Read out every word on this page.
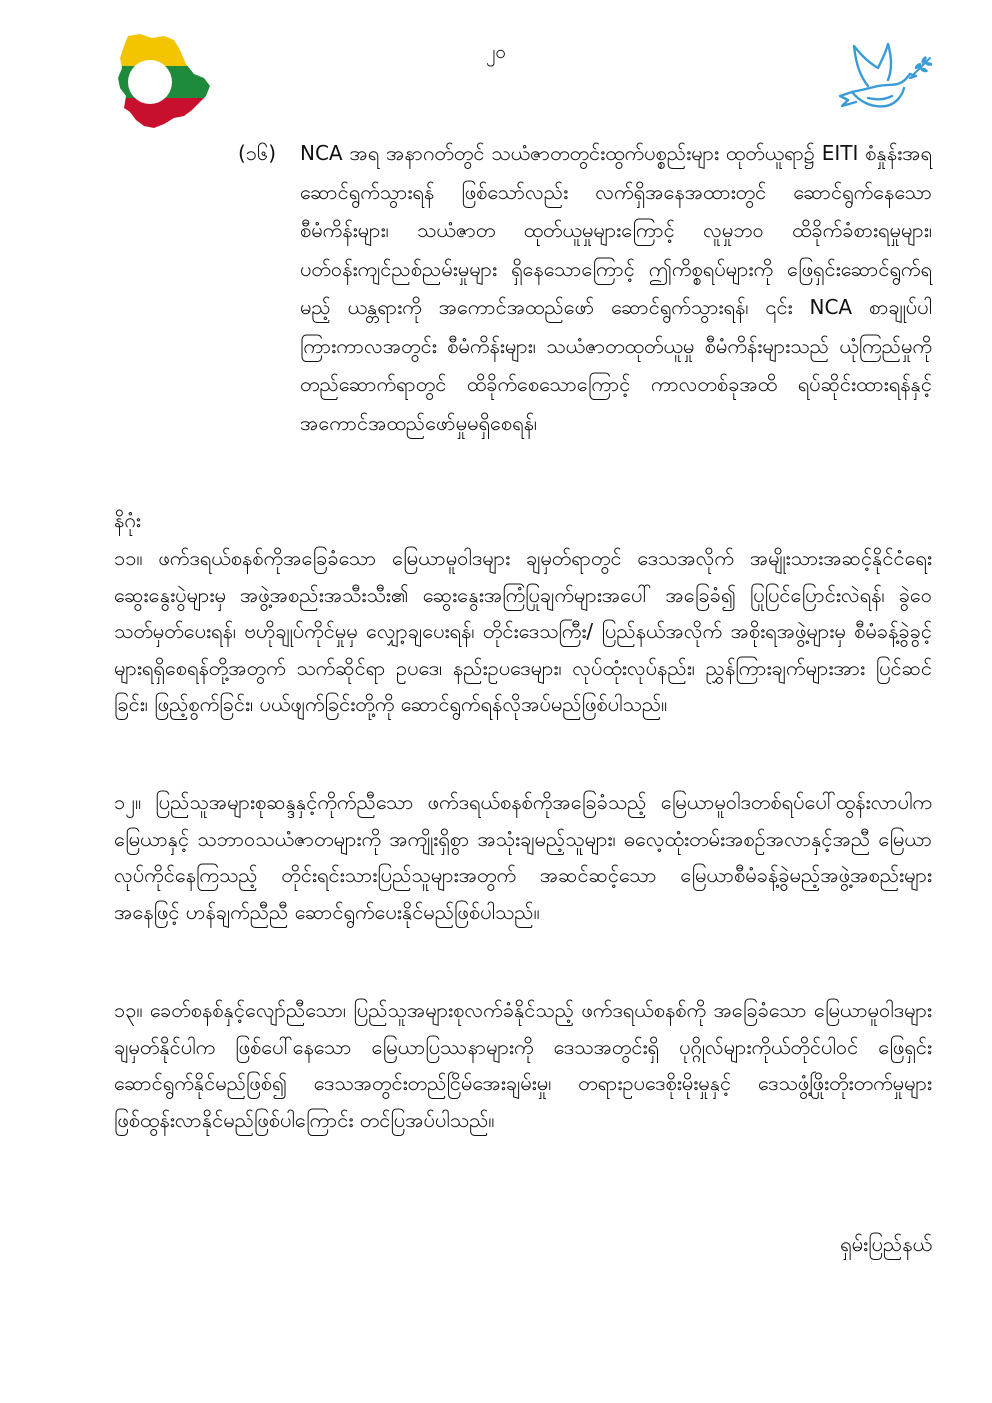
၂၀
(၁၆) NCA အရ အနာဂတ်တွင် သယံဇာတတွင်းထွက်ပစ္စည်းများ ထုတ်ယူရာ၌ EITI စံနှုန်းအရ ဆောင်ရွက်သွားရန် ဖြစ်သော်လည်း လက်ရှိအနေအထားတွင် ဆောင်ရွက်နေသော စီမံကိန်းများ၊ သယံဇာတ ထုတ်ယူမှုများကြောင့် လူမှုဘဝ ထိခိုက်ခံစားရမှုများ၊ ပတ်ဝန်းကျင်ညစ်ညမ်းမှုများ ရှိနေသောကြောင့် ဤကိစ္စရပ်များကို ဖြေရှင်းဆောင်ရွက်ရမည့် ယန္တရားကို အကောင်အထည်ဖော် ဆောင်ရွက်သွားရန်၊ ၎င်း NCA စာချုပ်ပါ ကြားကာလအတွင်း စီမံကိန်းများ၊ သယံဇာတထုတ်ယူမှု စီမံကိန်းများသည် ယုံကြည်မှုကို တည်ဆောက်ရာတွင် ထိခိုက်စေသောကြောင့် ကာလတစ်ခုအထိ ရပ်ဆိုင်းထားရန်နှင့် အကောင်အထည်ဖော်မှုမရှိစေရန်၊
နိဂုံး

၁၁။ ဖက်ဒရယ်စနစ်ကိုအခြေခံသော မြေယာမူဝါဒများ ချမှတ်ရာတွင် ဒေသအလိုက် အမျိုးသားအဆင့်နိုင်ငံရေးဆွေးနွေးပွဲများမှ အဖွဲ့အစည်းအသီးသီး၏ ဆွေးနွေးအကြံပြုချက်များအပေါ် အခြေခံ၍ ပြုပြင်ပြောင်းလဲရန်၊ ခွဲဝေသတ်မှတ်ပေးရန်၊ ဗဟိုချုပ်ကိုင်မှုမှ လျှော့ချပေးရန်၊ တိုင်းဒေသကြီး/ ပြည်နယ်အလိုက် အစိုးရအဖွဲ့များမှ စီမံခန့်ခွဲခွင့်များရရှိစေရန်တို့အတွက် သက်ဆိုင်ရာ ဥပဒေ၊ နည်းဥပဒေများ၊ လုပ်ထုံးလုပ်နည်း၊ ညွှန်ကြားချက်များအား ပြင်ဆင်ခြင်း၊ ဖြည့်စွက်ခြင်း၊ ပယ်ဖျက်ခြင်းတို့ကို ဆောင်ရွက်ရန်လိုအပ်မည်ဖြစ်ပါသည်။

၁၂။ ပြည်သူအများစုဆန္ဒနှင့်ကိုက်ညီသော ဖက်ဒရယ်စနစ်ကိုအခြေခံသည့် မြေယာမူဝါဒတစ်ရပ်ပေါ်ထွန်းလာပါက မြေယာနှင့် သဘာဝသယံဇာတများကို အကျိုးရှိစွာ အသုံးချမည့်သူများ၊ ဓလေ့ထုံးတမ်းအစဉ်အလာနှင့်အညီ မြေယာလုပ်ကိုင်နေကြသည့် တိုင်းရင်းသားပြည်သူများအတွက် အဆင်ဆင့်သော မြေယာစီမံခန့်ခွဲမည့်အဖွဲ့အစည်းများအနေဖြင့် ဟန်ချက်ညီညီ ဆောင်ရွက်ပေးနိုင်မည်ဖြစ်ပါသည်။

၁၃။ ခေတ်စနစ်နှင့်လျော်ညီသော၊ ပြည်သူအများစုလက်ခံနိုင်သည့် ဖက်ဒရယ်စနစ်ကို အခြေခံသော မြေယာမူဝါဒများ ချမှတ်နိုင်ပါက ဖြစ်ပေါ်နေသော မြေယာပြဿနာများကို ဒေသအတွင်းရှိ ပုဂ္ဂိုလ်များကိုယ်တိုင်ပါဝင် ဖြေရှင်းဆောင်ရွက်နိုင်မည်ဖြစ်၍ ဒေသအတွင်းတည်ငြိမ်အေးချမ်းမှု၊ တရားဥပဒေစိုးမိုးမှုနှင့် ဒေသဖွံ့ဖြိုးတိုးတက်မှုများ ဖြစ်ထွန်းလာနိုင်မည်ဖြစ်ပါကြောင်း တင်ပြအပ်ပါသည်။

ရှမ်းပြည်နယ်
